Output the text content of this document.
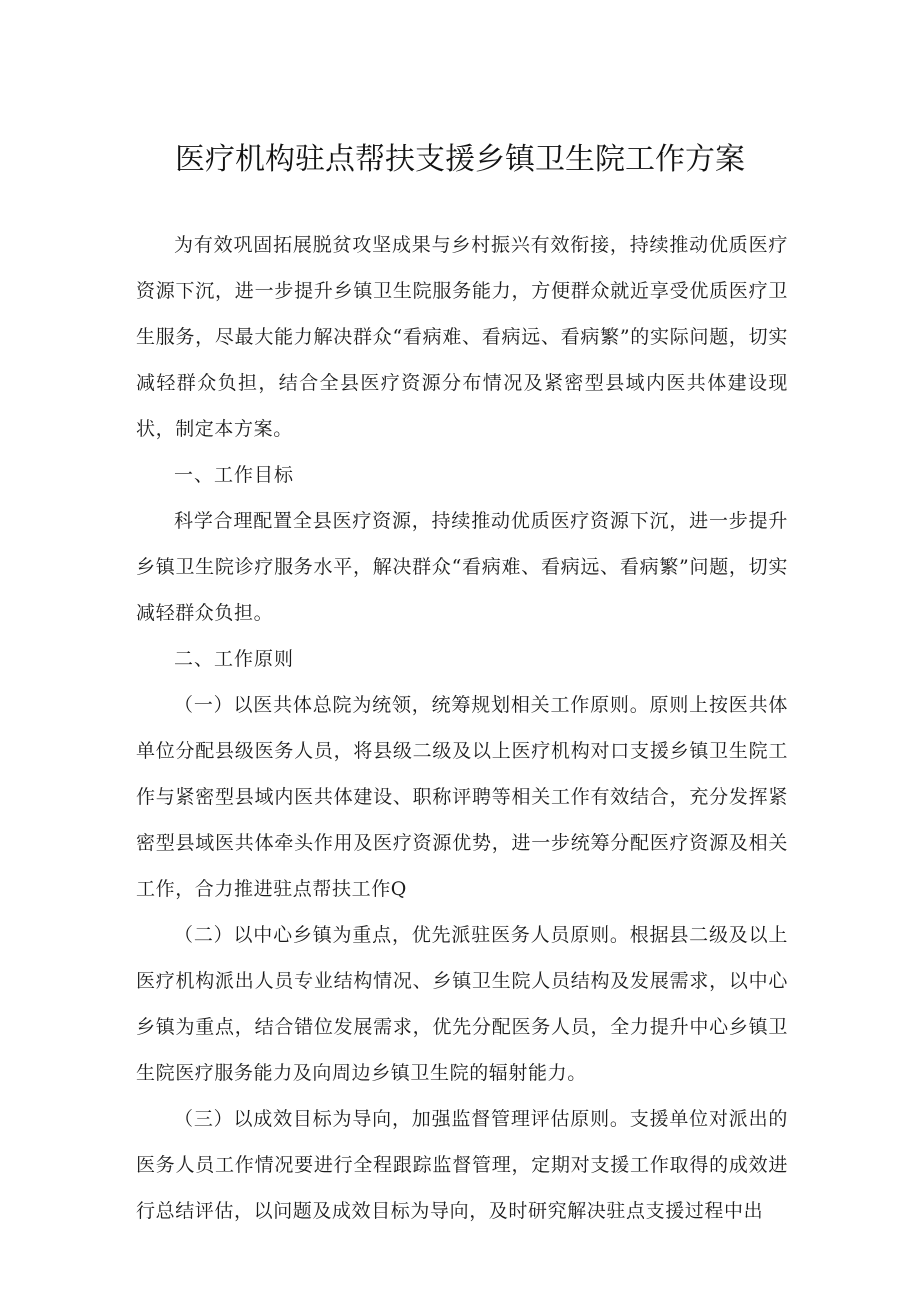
医疗机构驻点帮扶支援乡镇卫生院工作方案

为有效巩固拓展脱贫攻坚成果与乡村振兴有效衔接，持续推动优质医疗资源下沉，进一步提升乡镇卫生院服务能力，方便群众就近享受优质医疗卫生服务，尽最大能力解决群众“看病难、看病远、看病繁”的实际问题，切实减轻群众负担，结合全县医疗资源分布情况及紧密型县域内医共体建设现状，制定本方案。

一、工作目标

科学合理配置全县医疗资源，持续推动优质医疗资源下沉，进一步提升乡镇卫生院诊疗服务水平，解决群众“看病难、看病远、看病繁”问题，切实减轻群众负担。

二、工作原则

（一）以医共体总院为统领，统筹规划相关工作原则。原则上按医共体单位分配县级医务人员，将县级二级及以上医疗机构对口支援乡镇卫生院工作与紧密型县域内医共体建设、职称评聘等相关工作有效结合，充分发挥紧密型县域医共体牵头作用及医疗资源优势，进一步统筹分配医疗资源及相关工作，合力推进驻点帮扶工作Q

（二）以中心乡镇为重点，优先派驻医务人员原则。根据县二级及以上医疗机构派出人员专业结构情况、乡镇卫生院人员结构及发展需求，以中心乡镇为重点，结合错位发展需求，优先分配医务人员，全力提升中心乡镇卫生院医疗服务能力及向周边乡镇卫生院的辐射能力。

（三）以成效目标为导向，加强监督管理评估原则。支援单位对派出的医务人员工作情况要进行全程跟踪监督管理，定期对支援工作取得的成效进行总结评估，以问题及成效目标为导向，及时研究解决驻点支援过程中出
